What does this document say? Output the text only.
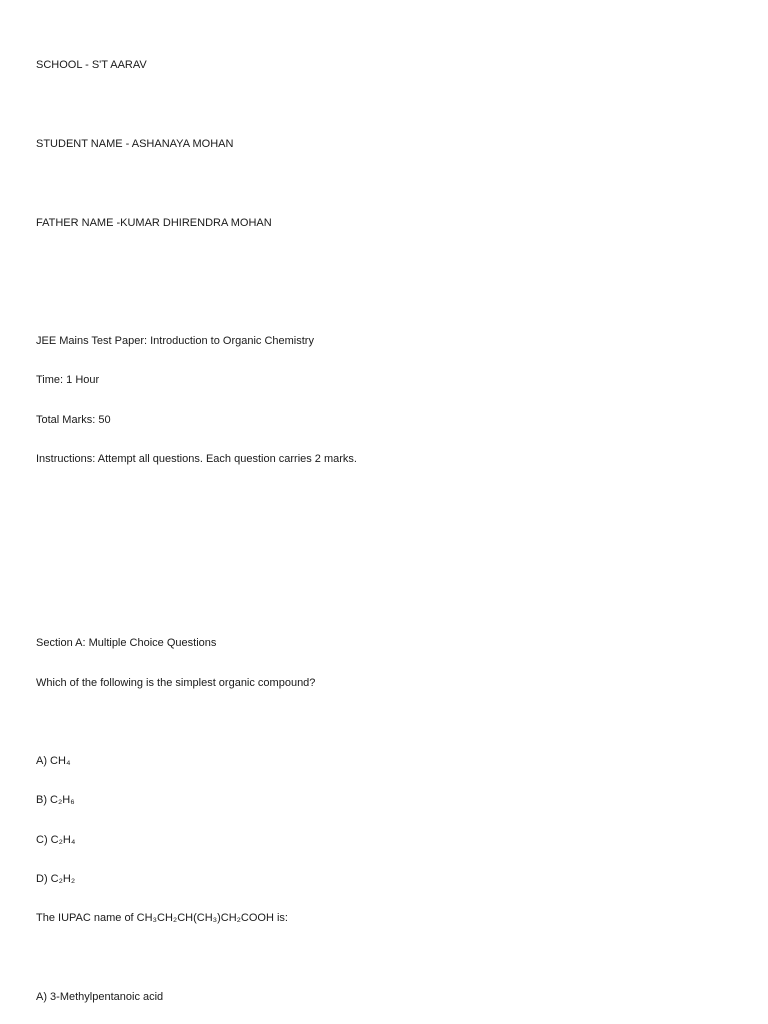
SCHOOL - S'T AARAV
STUDENT NAME - ASHANAYA MOHAN
FATHER NAME -KUMAR DHIRENDRA MOHAN
JEE Mains Test Paper: Introduction to Organic Chemistry
Time: 1 Hour
Total Marks: 50
Instructions: Attempt all questions. Each question carries 2 marks.
Section A: Multiple Choice Questions
Which of the following is the simplest organic compound?
A) CH₄
B) C₂H₆
C) C₂H₄
D) C₂H₂
The IUPAC name of CH₃CH₂CH(CH₃)CH₂COOH is:
A) 3-Methylpentanoic acid
